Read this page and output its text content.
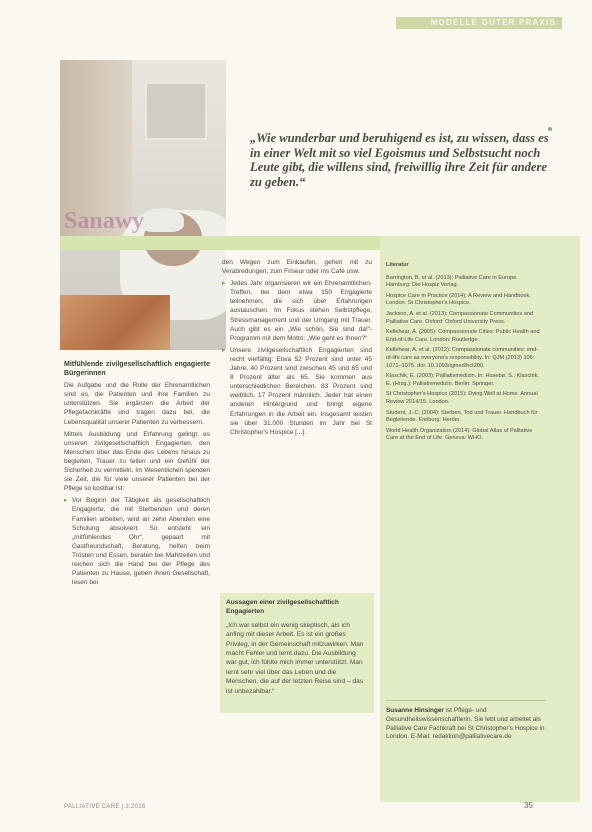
MODELLE GUTER PRAXIS
Sanawy
„Wie wunderbar und beruhigend es ist, zu wissen, dass es in einer Welt mit so viel Egoismus und Selbstsucht noch Leute gibt, die willens sind, freiwillig ihre Zeit für andere zu geben.“

Mitfühlende zivilgesellschaftlich engagierte Bürgerinnen

Die Aufgabe und die Rolle der Ehrenamtlichen sind es, die Patienten und ihre Familien zu unterstützen. Sie ergänzen die Arbeit der Pflegefachkräfte und tragen dazu bei, die Lebensqualität unserer Patienten zu verbessern.

Mittels Ausbildung und Erfahrung gelingt es unseren zivilgesellschaftlich Engagierten, den Menschen über das Ende des Lebens hinaus zu begleiten, Trauer zu teilen und ein Gefühl der Sicherheit zu vermitteln. Im Wesentlichen spenden sie Zeit, die für viele unserer Patienten bei der Pflege so kostbar ist:

▸ Vor Beginn der Tätigkeit als gesellschaftlich Engagierte, die mit Sterbenden und deren Familien arbeiten, wird an zehn Abenden eine Schulung absolviert. So entsteht ein „mitfühlendes Ohr“, gepaart mit Gastfreundschaft, Beratung, helfen beim Trösten und Essen, beraten bei Mahlzeiten und reichen sich die Hand bei der Pflege des Patienten zu Hause, geben ihnen Gesellschaft, lesen bei

den Wegen zum Einkaufen, gehen mit zu Verabredungen, zum Friseur oder ins Café usw.

▸ Jedes Jahr organisieren wir ein Ehrenamtlichen-Treffen, bei dem etwa 150 Engagierte teilnehmen, die sich über Erfahrungen austauschen. Im Fokus stehen Selbstpflege, Stressmanagement und der Umgang mit Trauer. Auch gibt es ein „Wie schön, Sie sind da!“-Programm mit dem Motto: „Wie geht es Ihnen?“

▸ Unsere zivilgesellschaftlich Engagierten sind recht vielfältig: Etwa 52 Prozent sind unter 45 Jahre, 40 Prozent sind zwischen 45 und 65 und 8 Prozent älter als 65. Sie kommen aus unterschiedlichen Bereichen. 83 Prozent sind weiblich, 17 Prozent männlich. Jeder hat einen anderen Hintergrund und bringt eigene Erfahrungen in die Arbeit ein. Insgesamt leisten sie über 31.000 Stunden im Jahr bei St Christopher's Hospice [...].

Aussagen einer zivilgesellschaftlich Engagierten
„Ich war selbst ein wenig skeptisch, als ich anfing mit dieser Arbeit. Es ist ein großes Privileg, in der Gemeinschaft mitzuwirken. Man macht Fehler und lernt dazu. Die Ausbildung war gut, ich fühlte mich immer unterstützt. Man lernt sehr viel über das Leben und die Menschen, die auf der letzten Reise sind – das ist unbezahlbar.“

Literatur

Barrington, B. et al. (2013): Palliative Care in Europe. Hamburg: Die Hospiz Verlag.

Hospice Care in Practice (2014): A Review and Handbook. London: St Christopher's Hospice.

Jackson, A. et al. (2013): Compassionate Communities and Palliative Care. Oxford: Oxford University Press.

Kellehear, A. (2005): Compassionate Cities: Public Health and End-of-Life Care. London: Routledge.

Kellehear, A. et al. (2012): Compassionate communities: end-of-life care as everyone's responsibility. In: QJM (2013) 106: 1071–1075. doi: 10.1093/qjmed/hct200.

Klaschik, E. (2003): Palliativmedizin. In: Husebø, S.; Klaschik, E. (Hrsg.): Palliativmedizin. Berlin: Springer.

St Christopher's Hospice (2015): Dying Well at Home. Annual Review 2014/15. London.

Student, J.-C. (2004): Sterben, Tod und Trauer. Handbuch für Begleitende. Freiburg: Herder.

World Health Organization (2014): Global Atlas of Palliative Care at the End of Life. Geneva: WHO.

Susanne Hinsinger ist Pflege- und Gesundheitswissenschaftlerin. Sie lebt und arbeitet als Palliative Care Fachkraft bei St Christopher's Hospice in London. E-Mail: redaktion@palliativecare.de
PALLIATIVE CARE | 3.2016	35
